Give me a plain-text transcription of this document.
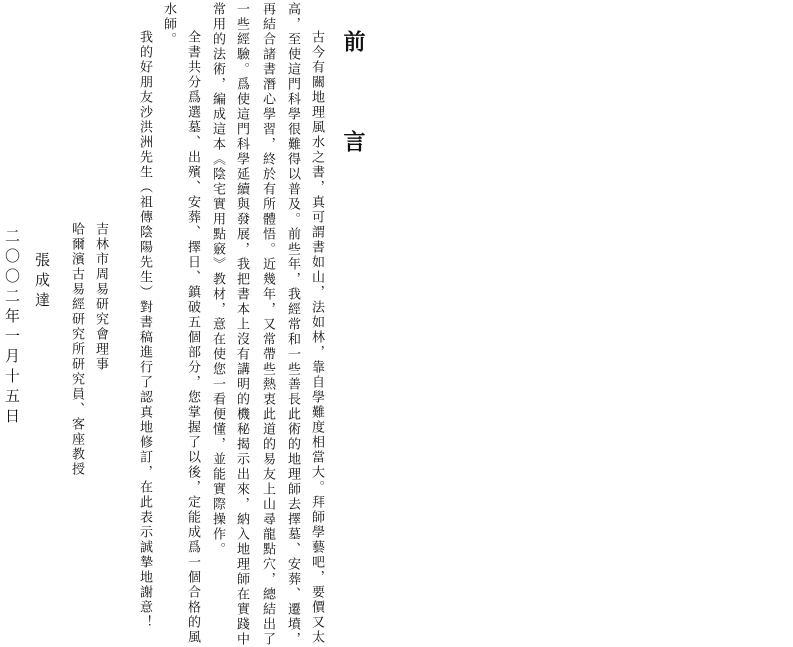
前 言
古今有關地理風水之書，真可謂書如山，法如林，靠自學難度相當大。拜師學藝吧，要價又太
高，至使這門科學很難得以普及。前些年，我經常和一些善長此術的地理師去擇墓、安葬、遷墳，
再結合諸書潛心學習，終於有所體悟。近幾年，又常帶些熱衷此道的易友上山尋龍點穴，總結出了
一些經驗。爲使這門科學延續與發展，我把書本上沒有講明的機秘揭示出來，納入地理師在實踐中
常用的法術，編成這本《陰宅實用點竅》教材，意在使您一看便懂，並能實際操作。
全書共分爲選墓、出殯、安葬、擇日、鎮破五個部分，您掌握了以後，定能成爲一個合格的風
水師。
我的好朋友沙洪洲先生（祖傳陰陽先生）對書稿進行了認真地修訂，在此表示誠摯地謝意！
吉林市周易研究會理事
哈爾濱古易經研究所研究員、客座教授
張成達
二〇〇二年一月十五日
